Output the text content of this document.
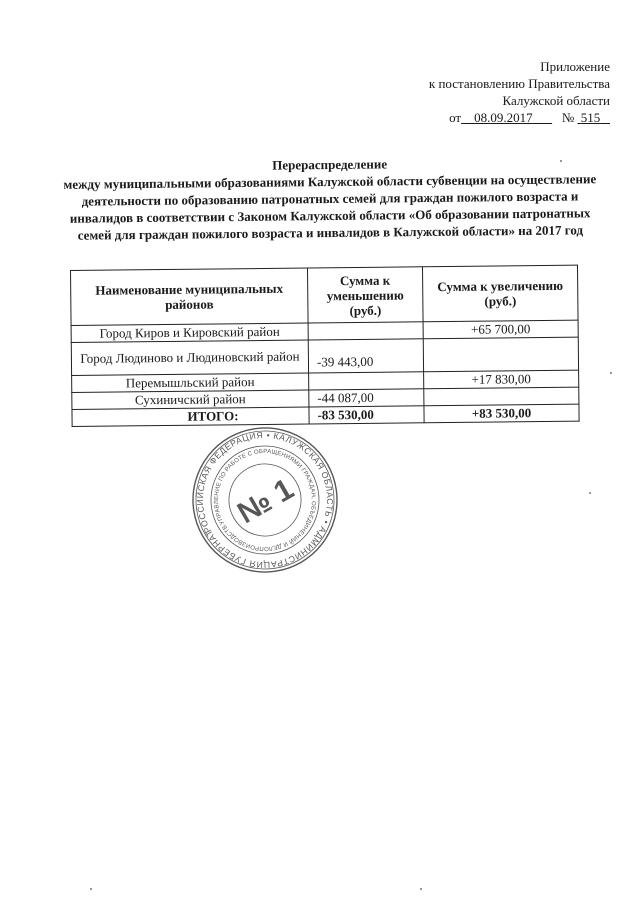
Приложение
к постановлению Правительства
Калужской области
от 08.09.2017 № 515
Перераспределение
между муниципальными образованиями Калужской области субвенции на осуществление деятельности по образованию патронатных семей для граждан пожилого возраста и инвалидов в соответствии с Законом Калужской области «Об образовании патронатных семей для граждан пожилого возраста и инвалидов в Калужской области» на 2017 год
Наименование муниципальных районов	Сумма к уменьшению (руб.)	Сумма к увеличению (руб.)
Город Киров и Кировский район		+65 700,00
Город Людиново и Людиновский район	-39 443,00	
Перемышльский район		+17 830,00
Сухиничский район	-44 087,00	
ИТОГО:	-83 530,00	+83 530,00
РОССИЙСКАЯ ФЕДЕРАЦИЯ • КАЛУЖСКАЯ ОБЛАСТЬ • АДМИНИСТРАЦИЯ ГУБЕРНАТОРА
УПРАВЛЕНИЕ ПО РАБОТЕ С ОБРАЩЕНИЯМИ ГРАЖДАН, ОБЪЕДИНЕНИЙ И ДЕЛОПРОИЗВОДСТВА
№ 1
